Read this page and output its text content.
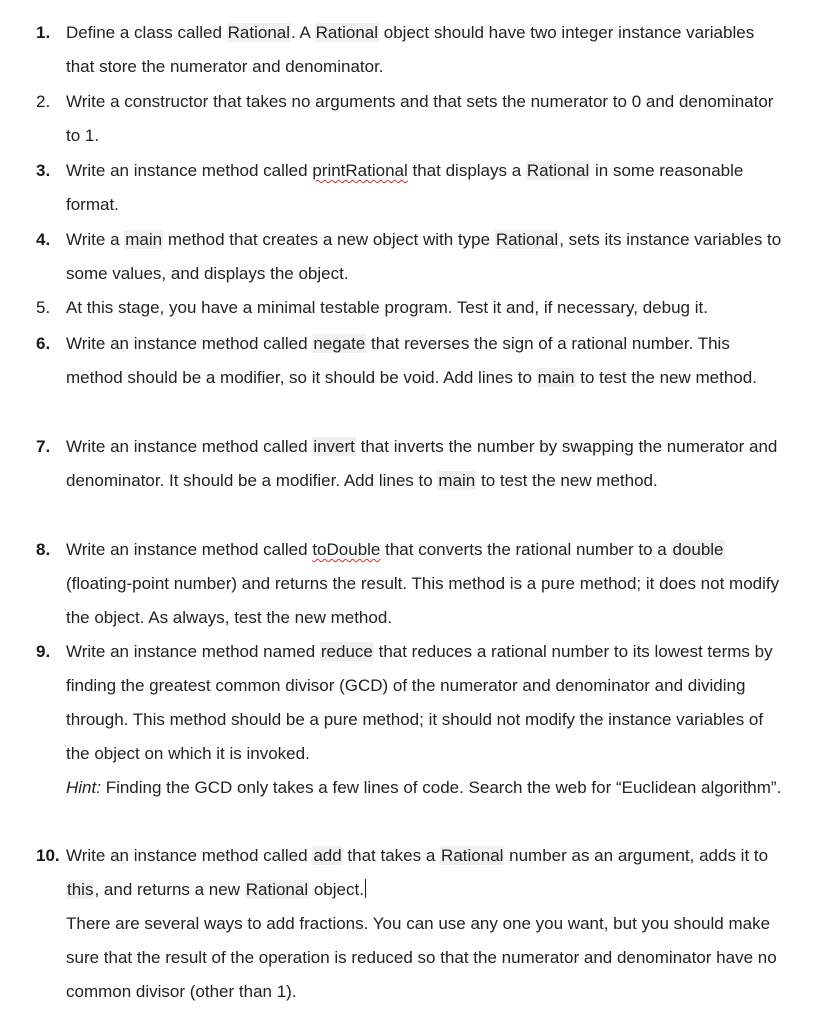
1. Define a class called Rational. A Rational object should have two integer instance variables that store the numerator and denominator.
2. Write a constructor that takes no arguments and that sets the numerator to 0 and denominator to 1.
3. Write an instance method called printRational that displays a Rational in some reasonable format.
4. Write a main method that creates a new object with type Rational, sets its instance variables to some values, and displays the object.
5. At this stage, you have a minimal testable program. Test it and, if necessary, debug it.
6. Write an instance method called negate that reverses the sign of a rational number. This method should be a modifier, so it should be void. Add lines to main to test the new method.
7. Write an instance method called invert that inverts the number by swapping the numerator and denominator. It should be a modifier. Add lines to main to test the new method.
8. Write an instance method called toDouble that converts the rational number to a double (floating-point number) and returns the result. This method is a pure method; it does not modify the object. As always, test the new method.
9. Write an instance method named reduce that reduces a rational number to its lowest terms by finding the greatest common divisor (GCD) of the numerator and denominator and dividing through. This method should be a pure method; it should not modify the instance variables of the object on which it is invoked.
Hint: Finding the GCD only takes a few lines of code. Search the web for “Euclidean algorithm”.
10. Write an instance method called add that takes a Rational number as an argument, adds it to this, and returns a new Rational object.
There are several ways to add fractions. You can use any one you want, but you should make sure that the result of the operation is reduced so that the numerator and denominator have no common divisor (other than 1).
